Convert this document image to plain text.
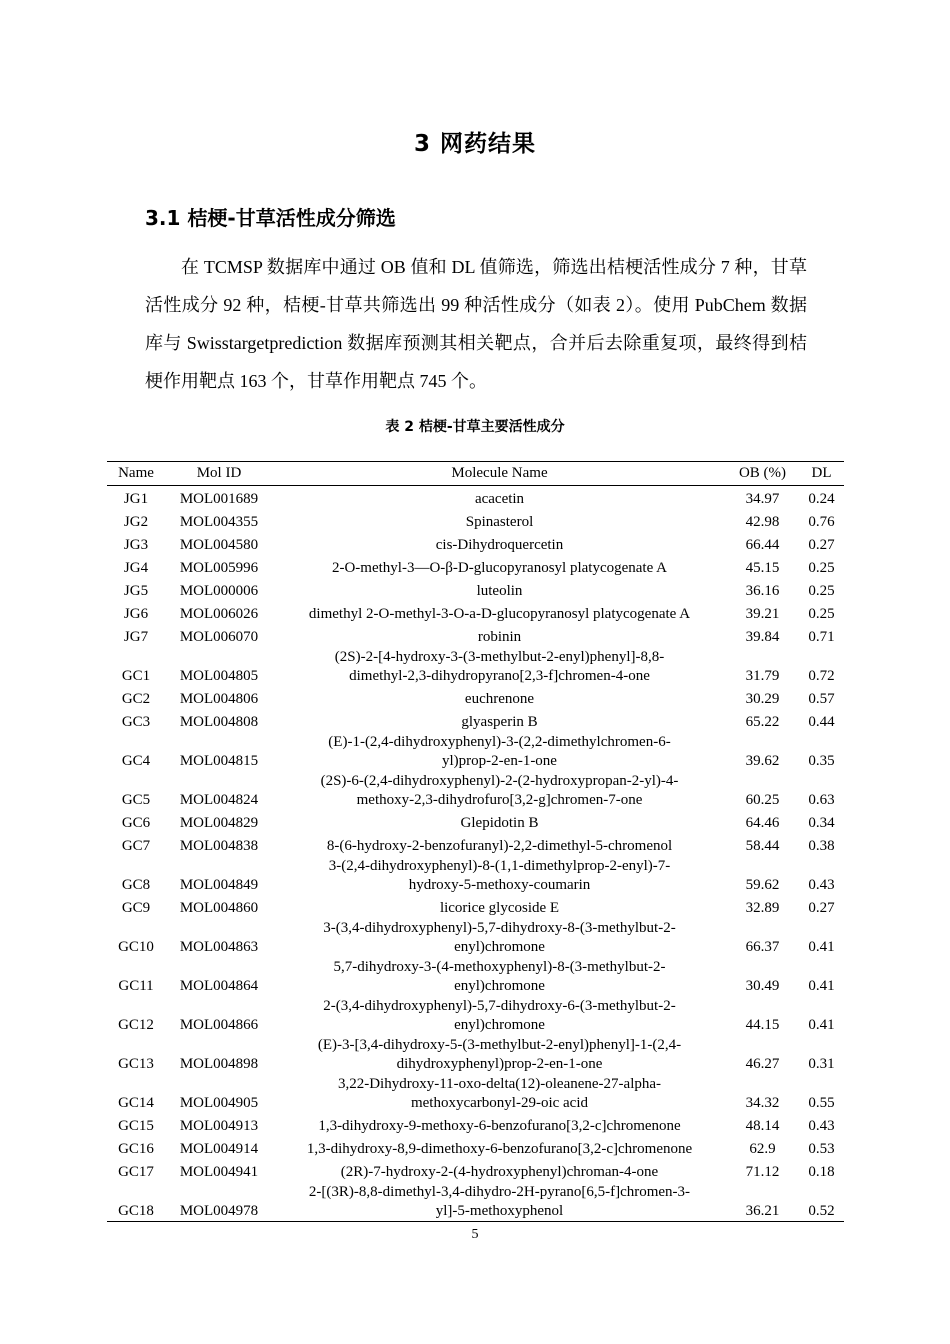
3 网药结果
3.1 桔梗-甘草活性成分筛选

在 TCMSP 数据库中通过 OB 值和 DL 值筛选，筛选出桔梗活性成分 7 种，甘草活性成分 92 种，桔梗-甘草共筛选出 99 种活性成分（如表 2）。使用 PubChem 数据库与 Swisstargetprediction 数据库预测其相关靶点，合并后去除重复项，最终得到桔梗作用靶点 163 个，甘草作用靶点 745 个。

表 2 桔梗-甘草主要活性成分
Name	Mol ID	Molecule Name	OB (%)	DL
JG1	MOL001689	acacetin	34.97	0.24
JG2	MOL004355	Spinasterol	42.98	0.76
JG3	MOL004580	cis-Dihydroquercetin	66.44	0.27
JG4	MOL005996	2-O-methyl-3—O-β-D-glucopyranosyl platycogenate A	45.15	0.25
JG5	MOL000006	luteolin	36.16	0.25
JG6	MOL006026	dimethyl 2-O-methyl-3-O-a-D-glucopyranosyl platycogenate A	39.21	0.25
JG7	MOL006070	robinin	39.84	0.71
GC1	MOL004805	(2S)-2-[4-hydroxy-3-(3-methylbut-2-enyl)phenyl]-8,8-
dimethyl-2,3-dihydropyrano[2,3-f]chromen-4-one	31.79	0.72
GC2	MOL004806	euchrenone	30.29	0.57
GC3	MOL004808	glyasperin B	65.22	0.44
GC4	MOL004815	(E)-1-(2,4-dihydroxyphenyl)-3-(2,2-dimethylchromen-6-
yl)prop-2-en-1-one	39.62	0.35
GC5	MOL004824	(2S)-6-(2,4-dihydroxyphenyl)-2-(2-hydroxypropan-2-yl)-4-
methoxy-2,3-dihydrofuro[3,2-g]chromen-7-one	60.25	0.63
GC6	MOL004829	Glepidotin B	64.46	0.34
GC7	MOL004838	8-(6-hydroxy-2-benzofuranyl)-2,2-dimethyl-5-chromenol	58.44	0.38
GC8	MOL004849	3-(2,4-dihydroxyphenyl)-8-(1,1-dimethylprop-2-enyl)-7-
hydroxy-5-methoxy-coumarin	59.62	0.43
GC9	MOL004860	licorice glycoside E	32.89	0.27
GC10	MOL004863	3-(3,4-dihydroxyphenyl)-5,7-dihydroxy-8-(3-methylbut-2-
enyl)chromone	66.37	0.41
GC11	MOL004864	5,7-dihydroxy-3-(4-methoxyphenyl)-8-(3-methylbut-2-
enyl)chromone	30.49	0.41
GC12	MOL004866	2-(3,4-dihydroxyphenyl)-5,7-dihydroxy-6-(3-methylbut-2-
enyl)chromone	44.15	0.41
GC13	MOL004898	(E)-3-[3,4-dihydroxy-5-(3-methylbut-2-enyl)phenyl]-1-(2,4-
dihydroxyphenyl)prop-2-en-1-one	46.27	0.31
GC14	MOL004905	3,22-Dihydroxy-11-oxo-delta(12)-oleanene-27-alpha-
methoxycarbonyl-29-oic acid	34.32	0.55
GC15	MOL004913	1,3-dihydroxy-9-methoxy-6-benzofurano[3,2-c]chromenone	48.14	0.43
GC16	MOL004914	1,3-dihydroxy-8,9-dimethoxy-6-benzofurano[3,2-c]chromenone	62.9	0.53
GC17	MOL004941	(2R)-7-hydroxy-2-(4-hydroxyphenyl)chroman-4-one	71.12	0.18
GC18	MOL004978	2-[(3R)-8,8-dimethyl-3,4-dihydro-2H-pyrano[6,5-f]chromen-3-
yl]-5-methoxyphenol	36.21	0.52
5
